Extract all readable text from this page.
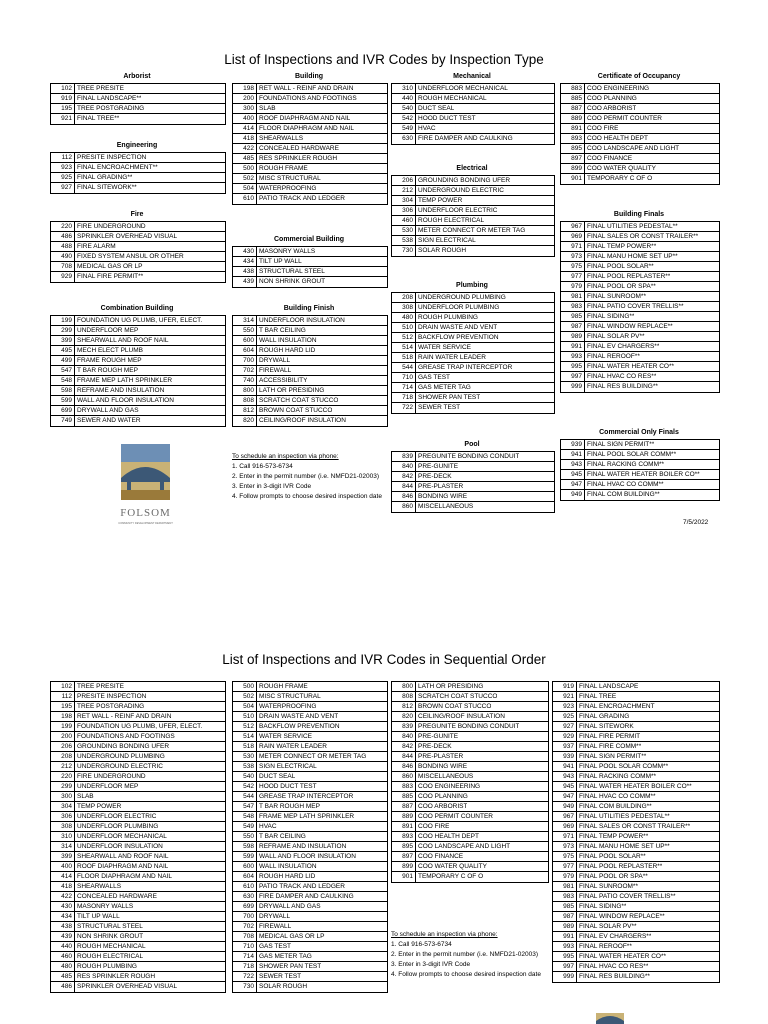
List of Inspections and IVR Codes by Inspection Type
Arborist
102 TREE PRESITE
919 FINAL LANDSCAPE**
195 TREE POSTGRADING
921 FINAL TREE**
Engineering
112 PRESITE INSPECTION
923 FINAL ENCROACHMENT**
925 FINAL GRADING**
927 FINAL SITEWORK**
Fire
220 FIRE UNDERGROUND
486 SPRINKLER OVERHEAD VISUAL
488 FIRE ALARM
490 FIXED SYSTEM ANSUL OR OTHER
708 MEDICAL GAS OR LP
929 FINAL FIRE PERMIT**
Combination Building
199 FOUNDATION UG PLUMB, UFER, ELECT.
299 UNDERFLOOR MEP
399 SHEARWALL AND ROOF NAIL
495 MECH ELECT PLUMB
499 FRAME ROUGH MEP
547 T BAR ROUGH MEP
548 FRAME MEP LATH SPRINKLER
598 REFRAME AND INSULATION
599 WALL AND FLOOR INSULATION
699 DRYWALL AND GAS
749 SEWER AND WATER
FOLSOM
COMMUNITY DEVELOPMENT DEPARTMENT
Building
198 RET WALL - REINF AND DRAIN
200 FOUNDATIONS AND FOOTINGS
300 SLAB
400 ROOF DIAPHRAGM AND NAIL
414 FLOOR DIAPHRAGM AND NAIL
418 SHEARWALLS
422 CONCEALED HARDWARE
485 RES SPRINKLER ROUGH
500 ROUGH FRAME
502 MISC STRUCTURAL
504 WATERPROOFING
610 PATIO TRACK AND LEDGER
Commercial Building
430 MASONRY WALLS
434 TILT UP WALL
438 STRUCTURAL STEEL
439 NON SHRINK GROUT
Building Finish
314 UNDERFLOOR INSULATION
550 T BAR CEILING
600 WALL INSULATION
604 ROUGH HARD LID
700 DRYWALL
702 FIREWALL
740 ACCESSIBILITY
800 LATH OR PRESIDING
808 SCRATCH COAT STUCCO
812 BROWN COAT STUCCO
820 CEILING/ROOF INSULATION
To schedule an inspection via phone:
1. Call 916-573-6734
2. Enter in the permit number (i.e. NMFD21-02003)
3. Enter in 3-digit IVR Code
4. Follow prompts to choose desired inspection date
Mechanical
310 UNDERFLOOR MECHANICAL
440 ROUGH MECHANICAL
540 DUCT SEAL
542 HOOD DUCT TEST
549 HVAC
630 FIRE DAMPER AND CAULKING
Electrical
206 GROUNDING BONDING UFER
212 UNDERGROUND ELECTRIC
304 TEMP POWER
306 UNDERFLOOR ELECTRIC
460 ROUGH ELECTRICAL
530 METER CONNECT OR METER TAG
538 SIGN ELECTRICAL
730 SOLAR ROUGH
Plumbing
208 UNDERGROUND PLUMBING
308 UNDERFLOOR PLUMBING
480 ROUGH PLUMBING
510 DRAIN WASTE AND VENT
512 BACKFLOW PREVENTION
514 WATER SERVICE
518 RAIN WATER LEADER
544 GREASE TRAP INTERCEPTOR
710 GAS TEST
714 GAS METER TAG
718 SHOWER PAN TEST
722 SEWER TEST
Pool
839 PREGUNITE BONDING CONDUIT
840 PRE-GUNITE
842 PRE-DECK
844 PRE-PLASTER
846 BONDING WIRE
860 MISCELLANEOUS
Certificate of Occupancy
883 COO ENGINEERING
885 COO PLANNING
887 COO ARBORIST
889 COO PERMIT COUNTER
891 COO FIRE
893 COO HEALTH DEPT
895 COO LANDSCAPE AND LIGHT
897 COO FINANCE
899 COO WATER QUALITY
901 TEMPORARY C OF O
Building Finals
967 FINAL UTILITIES PEDESTAL**
969 FINAL SALES OR CONST TRAILER**
971 FINAL TEMP POWER**
973 FINAL MANU HOME SET UP**
975 FINAL POOL SOLAR**
977 FINAL POOL REPLASTER**
979 FINAL POOL OR SPA**
981 FINAL SUNROOM**
983 FINAL PATIO COVER TRELLIS**
985 FINAL SIDING**
987 FINAL WINDOW REPLACE**
989 FINAL SOLAR PV**
991 FINAL EV CHARGERS**
993 FINAL REROOF**
995 FINAL WATER HEATER CO**
997 FINAL HVAC CO RES**
999 FINAL RES BUILDING**
Commercial Only Finals
939 FINAL SIGN PERMIT**
941 FINAL POOL SOLAR COMM**
943 FINAL RACKING COMM**
945 FINAL WATER HEATER BOILER CO**
947 FINAL HVAC CO COMM**
949 FINAL COM BUILDING**
7/5/2022
List of Inspections and IVR Codes in Sequential Order
102 TREE PRESITE
112 PRESITE INSPECTION
195 TREE POSTGRADING
198 RET WALL - REINF AND DRAIN
199 FOUNDATION UG PLUMB, UFER, ELECT.
200 FOUNDATIONS AND FOOTINGS
206 GROUNDING BONDING UFER
208 UNDERGROUND PLUMBING
212 UNDERGROUND ELECTRIC
220 FIRE UNDERGROUND
299 UNDERFLOOR MEP
300 SLAB
304 TEMP POWER
306 UNDERFLOOR ELECTRIC
308 UNDERFLOOR PLUMBING
310 UNDERFLOOR MECHANICAL
314 UNDERFLOOR INSULATION
399 SHEARWALL AND ROOF NAIL
400 ROOF DIAPHRAGM AND NAIL
414 FLOOR DIAPHRAGM AND NAIL
418 SHEARWALLS
422 CONCEALED HARDWARE
430 MASONRY WALLS
434 TILT UP WALL
438 STRUCTURAL STEEL
439 NON SHRINK GROUT
440 ROUGH MECHANICAL
460 ROUGH ELECTRICAL
480 ROUGH PLUMBING
485 RES SPRINKLER ROUGH
486 SPRINKLER OVERHEAD VISUAL
500 ROUGH FRAME
502 MISC STRUCTURAL
504 WATERPROOFING
510 DRAIN WASTE AND VENT
512 BACKFLOW PREVENTION
514 WATER SERVICE
518 RAIN WATER LEADER
530 METER CONNECT OR METER TAG
538 SIGN ELECTRICAL
540 DUCT SEAL
542 HOOD DUCT TEST
544 GREASE TRAP INTERCEPTOR
547 T BAR ROUGH MEP
548 FRAME MEP LATH SPRINKLER
549 HVAC
550 T BAR CEILING
598 REFRAME AND INSULATION
599 WALL AND FLOOR INSULATION
600 WALL INSULATION
604 ROUGH HARD LID
610 PATIO TRACK AND LEDGER
630 FIRE DAMPER AND CAULKING
699 DRYWALL AND GAS
700 DRYWALL
702 FIREWALL
708 MEDICAL GAS OR LP
710 GAS TEST
714 GAS METER TAG
718 SHOWER PAN TEST
722 SEWER TEST
730 SOLAR ROUGH
800 LATH OR PRESIDING
808 SCRATCH COAT STUCCO
812 BROWN COAT STUCCO
820 CEILING/ROOF INSULATION
839 PREGUNITE BONDING CONDUIT
840 PRE-GUNITE
842 PRE-DECK
844 PRE-PLASTER
846 BONDING WIRE
860 MISCELLANEOUS
883 COO ENGINEERING
885 COO PLANNING
887 COO ARBORIST
889 COO PERMIT COUNTER
891 COO FIRE
893 COO HEALTH DEPT
895 COO LANDSCAPE AND LIGHT
897 COO FINANCE
899 COO WATER QUALITY
901 TEMPORARY C OF O
919 FINAL LANDSCAPE
921 FINAL TREE
923 FINAL ENCROACHMENT
925 FINAL GRADING
927 FINAL SITEWORK
929 FINAL FIRE PERMIT
937 FINAL FIRE COMM**
939 FINAL SIGN PERMIT**
941 FINAL POOL SOLAR COMM**
943 FINAL RACKING COMM**
945 FINAL WATER HEATER BOILER CO**
947 FINAL HVAC CO COMM**
949 FINAL COM BUILDING**
967 FINAL UTILITIES PEDESTAL**
969 FINAL SALES OR CONST TRAILER**
971 FINAL TEMP POWER**
973 FINAL MANU HOME SET UP**
975 FINAL POOL SOLAR**
977 FINAL POOL REPLASTER**
979 FINAL POOL OR SPA**
981 FINAL SUNROOM**
983 FINAL PATIO COVER TRELLIS**
985 FINAL SIDING**
987 FINAL WINDOW REPLACE**
989 FINAL SOLAR PV**
991 FINAL EV CHARGERS**
993 FINAL REROOF**
995 FINAL WATER HEATER CO**
997 FINAL HVAC CO RES**
999 FINAL RES BUILDING**
To schedule an inspection via phone:
1. Call 916-573-6734
2. Enter in the permit number (i.e. NMFD21-02003)
3. Enter in 3-digit IVR Code
4. Follow prompts to choose desired inspection date
